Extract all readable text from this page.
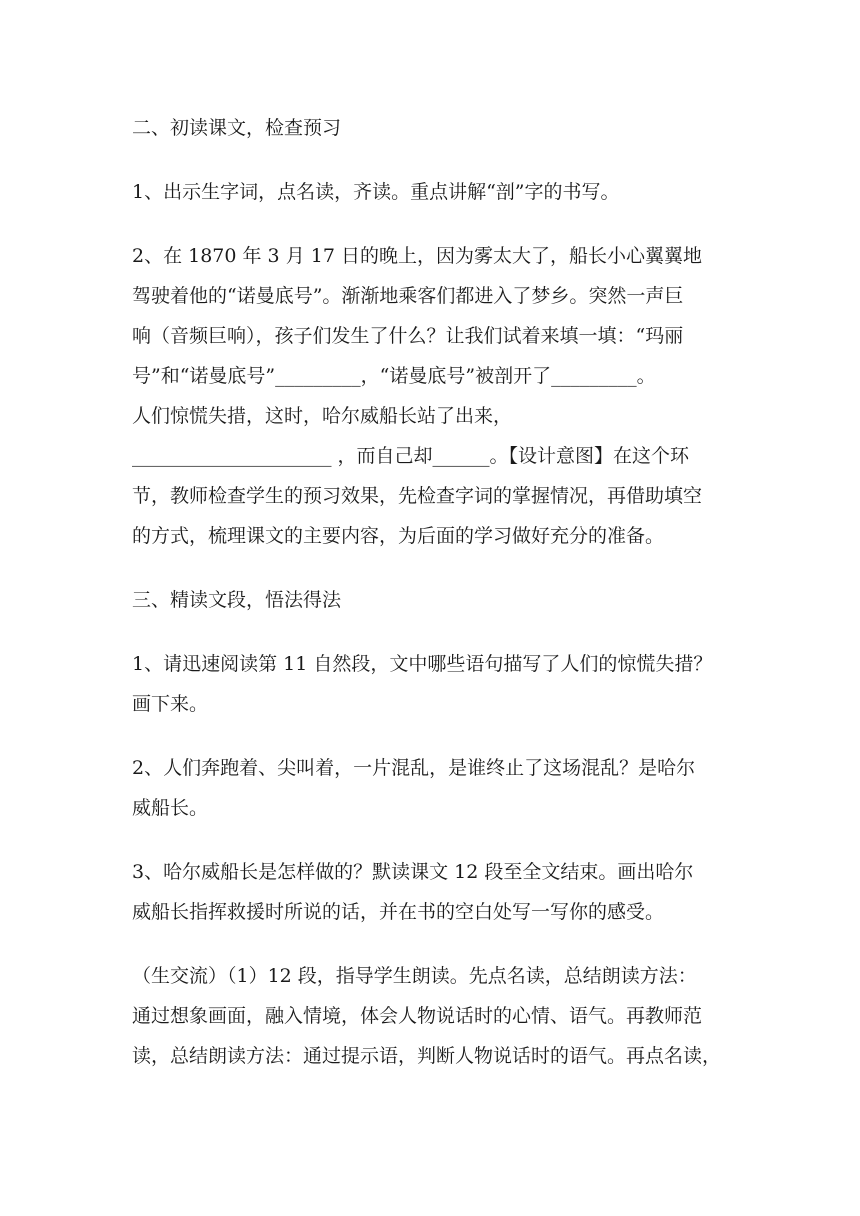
二、初读课文，检查预习
1、出示生字词，点名读，齐读。重点讲解“剖”字的书写。
2、在 1870 年 3 月 17 日的晚上，因为雾太大了，船长小心翼翼地
驾驶着他的“诺曼底号”。渐渐地乘客们都进入了梦乡。突然一声巨
响（音频巨响），孩子们发生了什么？让我们试着来填一填：“玛丽
号”和“诺曼底号”_________，“诺曼底号”被剖开了_________。
人们惊慌失措，这时，哈尔威船长站了出来，
_____________________ ，而自己却______。【设计意图】在这个环
节，教师检查学生的预习效果，先检查字词的掌握情况，再借助填空
的方式，梳理课文的主要内容，为后面的学习做好充分的准备。
三、精读文段，悟法得法
1、请迅速阅读第 11 自然段，文中哪些语句描写了人们的惊慌失措？
画下来。
2、人们奔跑着、尖叫着，一片混乱，是谁终止了这场混乱？是哈尔
威船长。
3、哈尔威船长是怎样做的？默读课文 12 段至全文结束。画出哈尔
威船长指挥救援时所说的话，并在书的空白处写一写你的感受。
（生交流）（1）12 段，指导学生朗读。先点名读，总结朗读方法：
通过想象画面，融入情境，体会人物说话时的心情、语气。再教师范
读，总结朗读方法：通过提示语，判断人物说话时的语气。再点名读，
